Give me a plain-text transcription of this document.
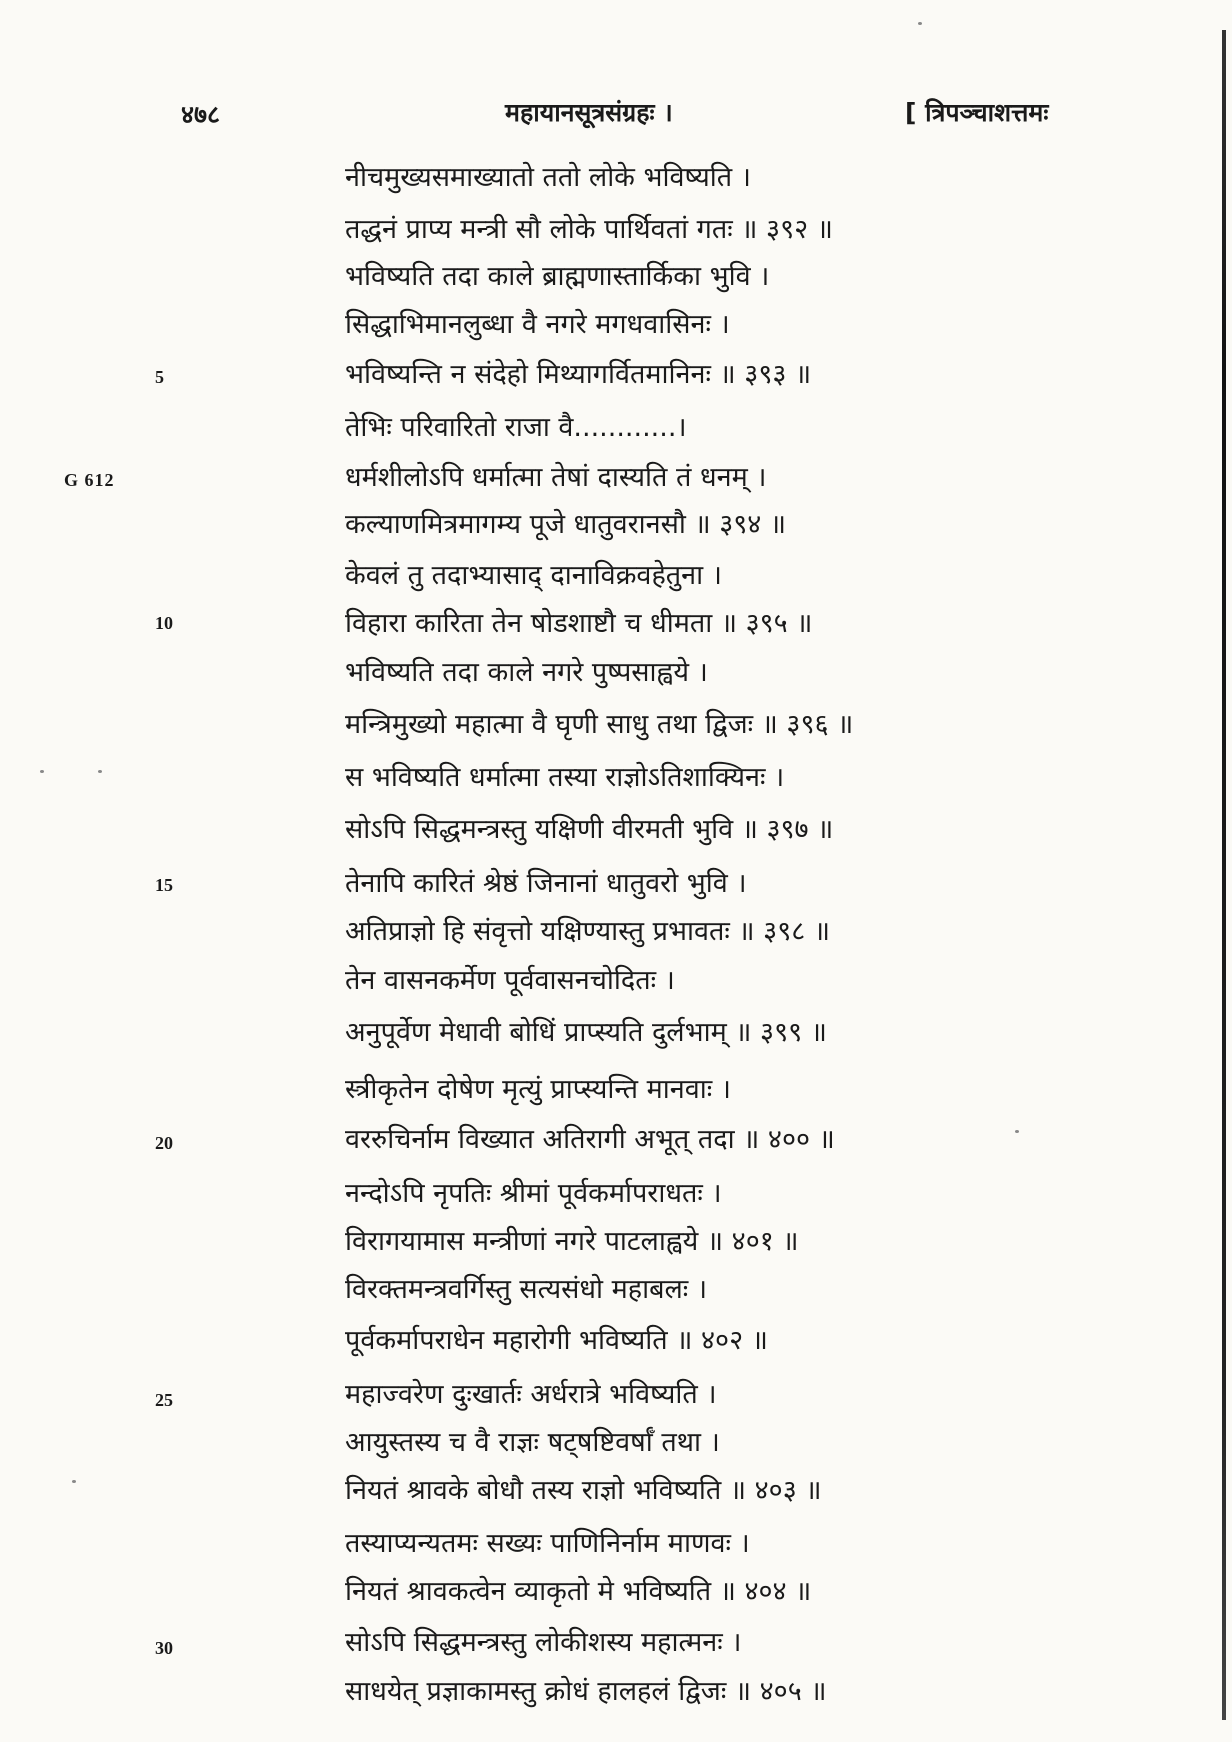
४७८	महायानसूत्रसंग्रहः ।	[ त्रिपञ्चाशत्तमः
G 612
5
10
15
20
25
30
नीचमुख्यसमाख्यातो ततो लोके भविष्यति ।
तद्धनं प्राप्य मन्त्री सौ लोके पार्थिवतां गतः ॥ ३९२ ॥
भविष्यति तदा काले ब्राह्मणास्तार्किका भुवि ।
सिद्धाभिमानलुब्धा वै नगरे मगधवासिनः ।
भविष्यन्ति न संदेहो मिथ्यागर्वितमानिनः ॥ ३९३ ॥
तेभिः परिवारितो राजा वै............।
धर्मशीलोऽपि धर्मात्मा तेषां दास्यति तं धनम् ।
कल्याणमित्रमागम्य पूजे धातुवरानसौ ॥ ३९४ ॥
केवलं तु तदाभ्यासाद् दानाविक्रवहेतुना ।
विहारा कारिता तेन षोडशाष्टौ च धीमता ॥ ३९५ ॥
भविष्यति तदा काले नगरे पुष्पसाह्वये ।
मन्त्रिमुख्यो महात्मा वै घृणी साधु तथा द्विजः ॥ ३९६ ॥
स भविष्यति धर्मात्मा तस्या राज्ञोऽतिशाक्यिनः ।
सोऽपि सिद्धमन्त्रस्तु यक्षिणी वीरमती भुवि ॥ ३९७ ॥
तेनापि कारितं श्रेष्ठं जिनानां धातुवरो भुवि ।
अतिप्राज्ञो हि संवृत्तो यक्षिण्यास्तु प्रभावतः ॥ ३९८ ॥
तेन वासनकर्मेण पूर्ववासनचोदितः ।
अनुपूर्वेण मेधावी बोधिं प्राप्स्यति दुर्लभाम् ॥ ३९९ ॥
स्त्रीकृतेन दोषेण मृत्युं प्राप्स्यन्ति मानवाः ।
वररुचिर्नाम विख्यात अतिरागी अभूत् तदा ॥ ४०० ॥
नन्दोऽपि नृपतिः श्रीमां पूर्वकर्मापराधतः ।
विरागयामास मन्त्रीणां नगरे पाटलाह्वये ॥ ४०१ ॥
विरक्तमन्त्रवर्गिस्तु सत्यसंधो महाबलः ।
पूर्वकर्मापराधेन महारोगी भविष्यति ॥ ४०२ ॥
महाज्वरेण दुःखार्तः अर्धरात्रे भविष्यति ।
आयुस्तस्य च वै राज्ञः षट्षष्टिवर्षाँ तथा ।
नियतं श्रावके बोधौ तस्य राज्ञो भविष्यति ॥ ४०३ ॥
तस्याप्यन्यतमः सख्यः पाणिनिर्नाम माणवः ।
नियतं श्रावकत्वेन व्याकृतो मे भविष्यति ॥ ४०४ ॥
सोऽपि सिद्धमन्त्रस्तु लोकीशस्य महात्मनः ।
साधयेत् प्रज्ञाकामस्तु क्रोधं हालहलं द्विजः ॥ ४०५ ॥
